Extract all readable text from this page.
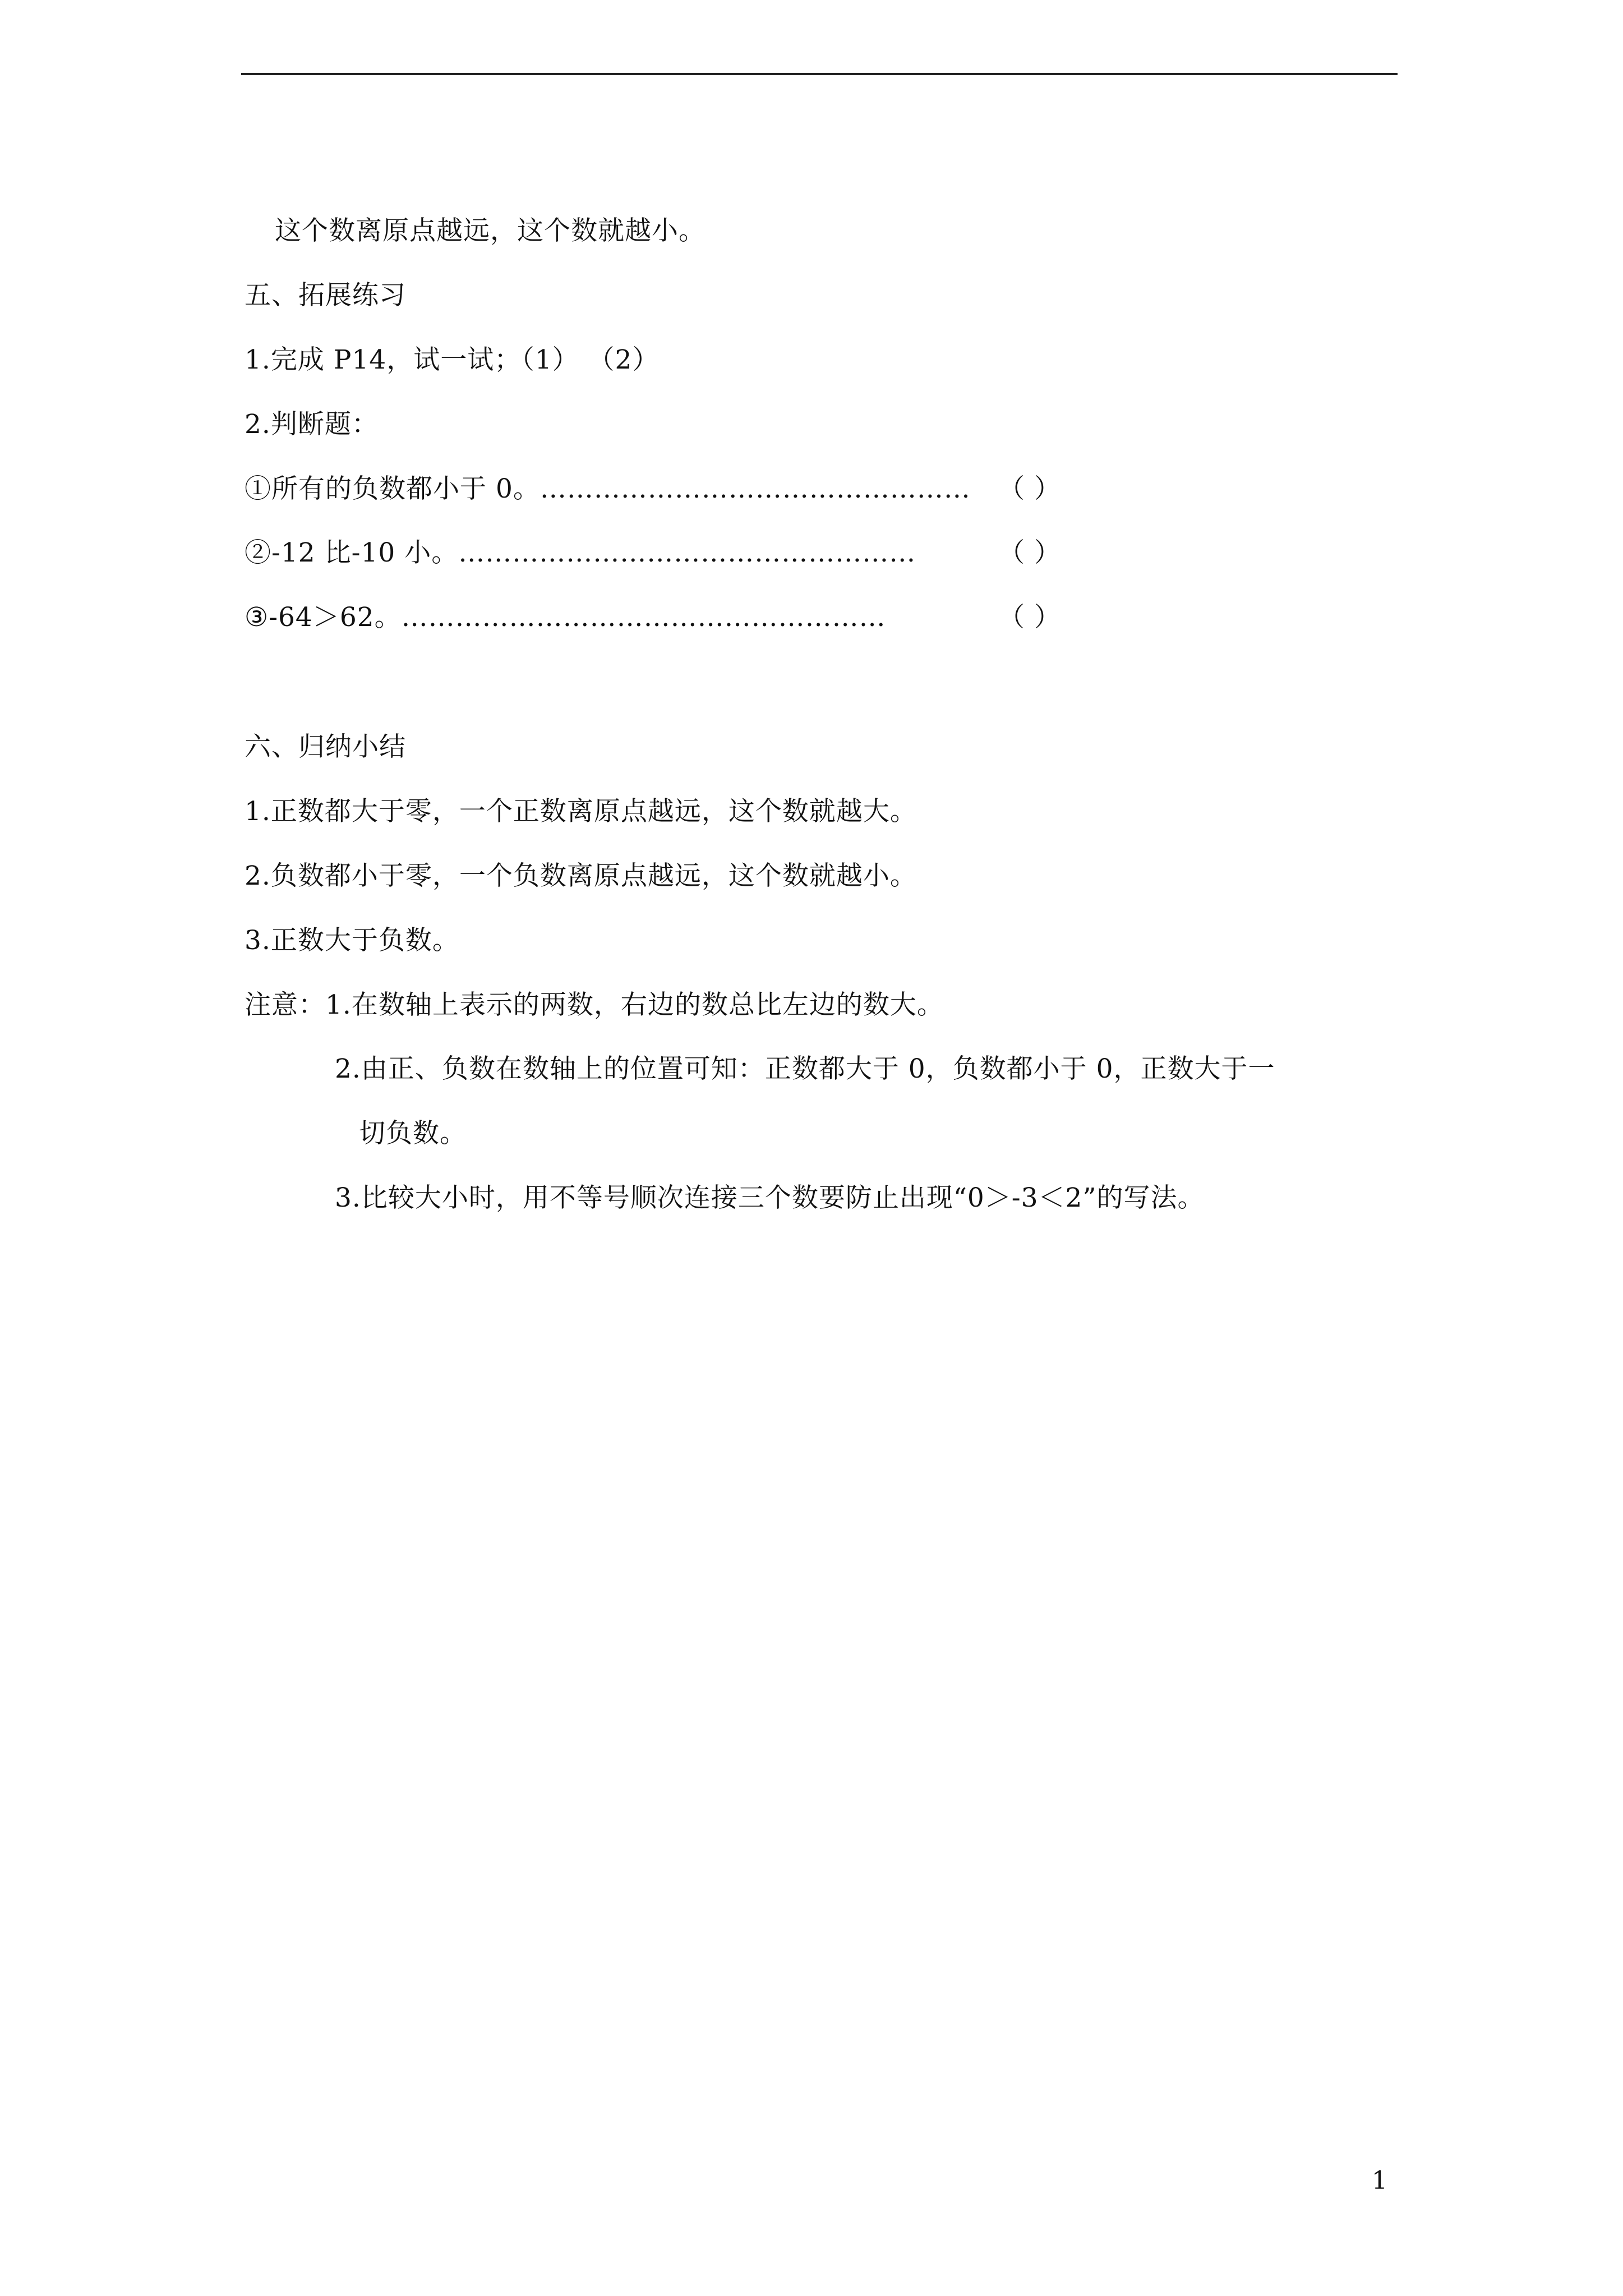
这个数离原点越远，这个数就越小。
五、拓展练习
1.完成 P14，试一试；（1） （2）
2.判断题：
①所有的负数都小于 0。………………………………………… （ ）
②-12 比-10 小。……………………………………………	（ ）
③-64＞62。………………………………………………	（ ）
六、归纳小结
1.正数都大于零，一个正数离原点越远，这个数就越大。
2.负数都小于零，一个负数离原点越远，这个数就越小。
3.正数大于负数。
注意：1.在数轴上表示的两数，右边的数总比左边的数大。
2.由正、负数在数轴上的位置可知：正数都大于 0，负数都小于 0，正数大于一
切负数。
3.比较大小时，用不等号顺次连接三个数要防止出现“0＞-3＜2”的写法。
1
